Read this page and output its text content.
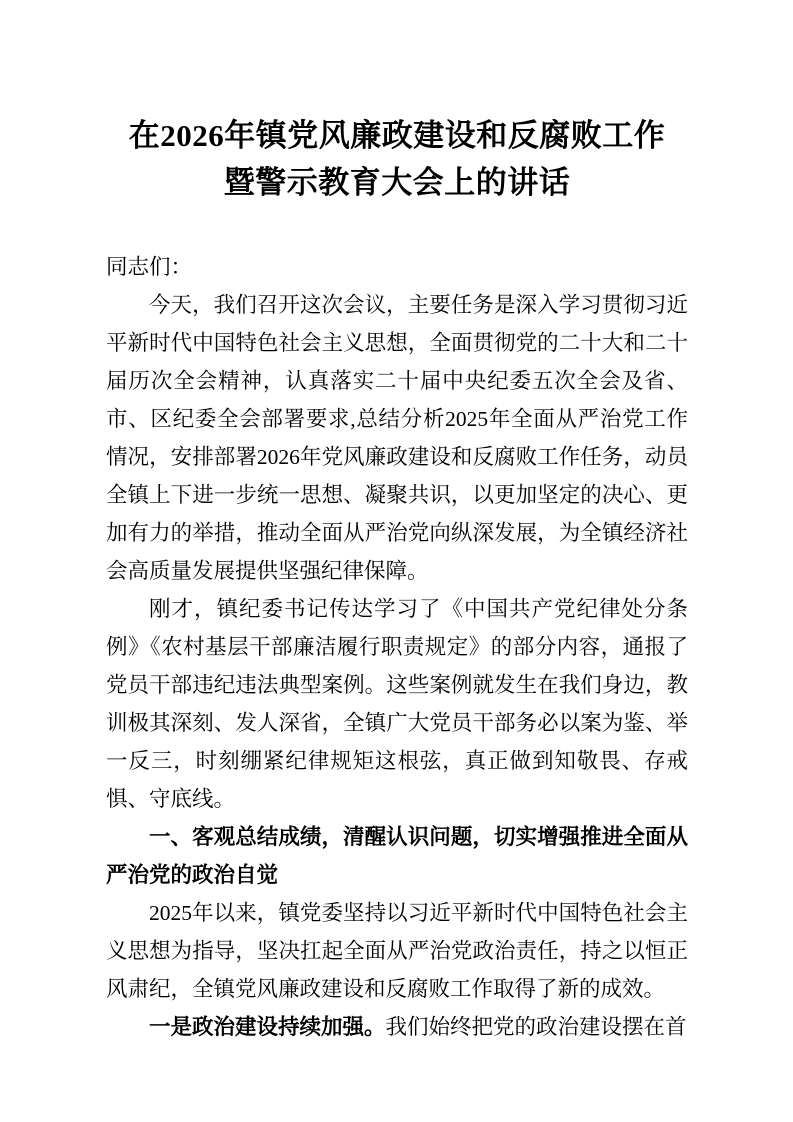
在2026年镇党风廉政建设和反腐败工作
暨警示教育大会上的讲话

同志们：

今天，我们召开这次会议，主要任务是深入学习贯彻习近平新时代中国特色社会主义思想，全面贯彻党的二十大和二十届历次全会精神，认真落实二十届中央纪委五次全会及省、市、区纪委全会部署要求,总结分析2025年全面从严治党工作情况，安排部署2026年党风廉政建设和反腐败工作任务，动员全镇上下进一步统一思想、凝聚共识，以更加坚定的决心、更加有力的举措，推动全面从严治党向纵深发展，为全镇经济社会高质量发展提供坚强纪律保障。

刚才，镇纪委书记传达学习了《中国共产党纪律处分条例》《农村基层干部廉洁履行职责规定》的部分内容，通报了党员干部违纪违法典型案例。这些案例就发生在我们身边，教训极其深刻、发人深省，全镇广大党员干部务必以案为鉴、举一反三，时刻绷紧纪律规矩这根弦，真正做到知敬畏、存戒惧、守底线。

一、客观总结成绩，清醒认识问题，切实增强推进全面从严治党的政治自觉

2025年以来，镇党委坚持以习近平新时代中国特色社会主义思想为指导，坚决扛起全面从严治党政治责任，持之以恒正风肃纪，全镇党风廉政建设和反腐败工作取得了新的成效。

一是政治建设持续加强。我们始终把党的政治建设摆在首
